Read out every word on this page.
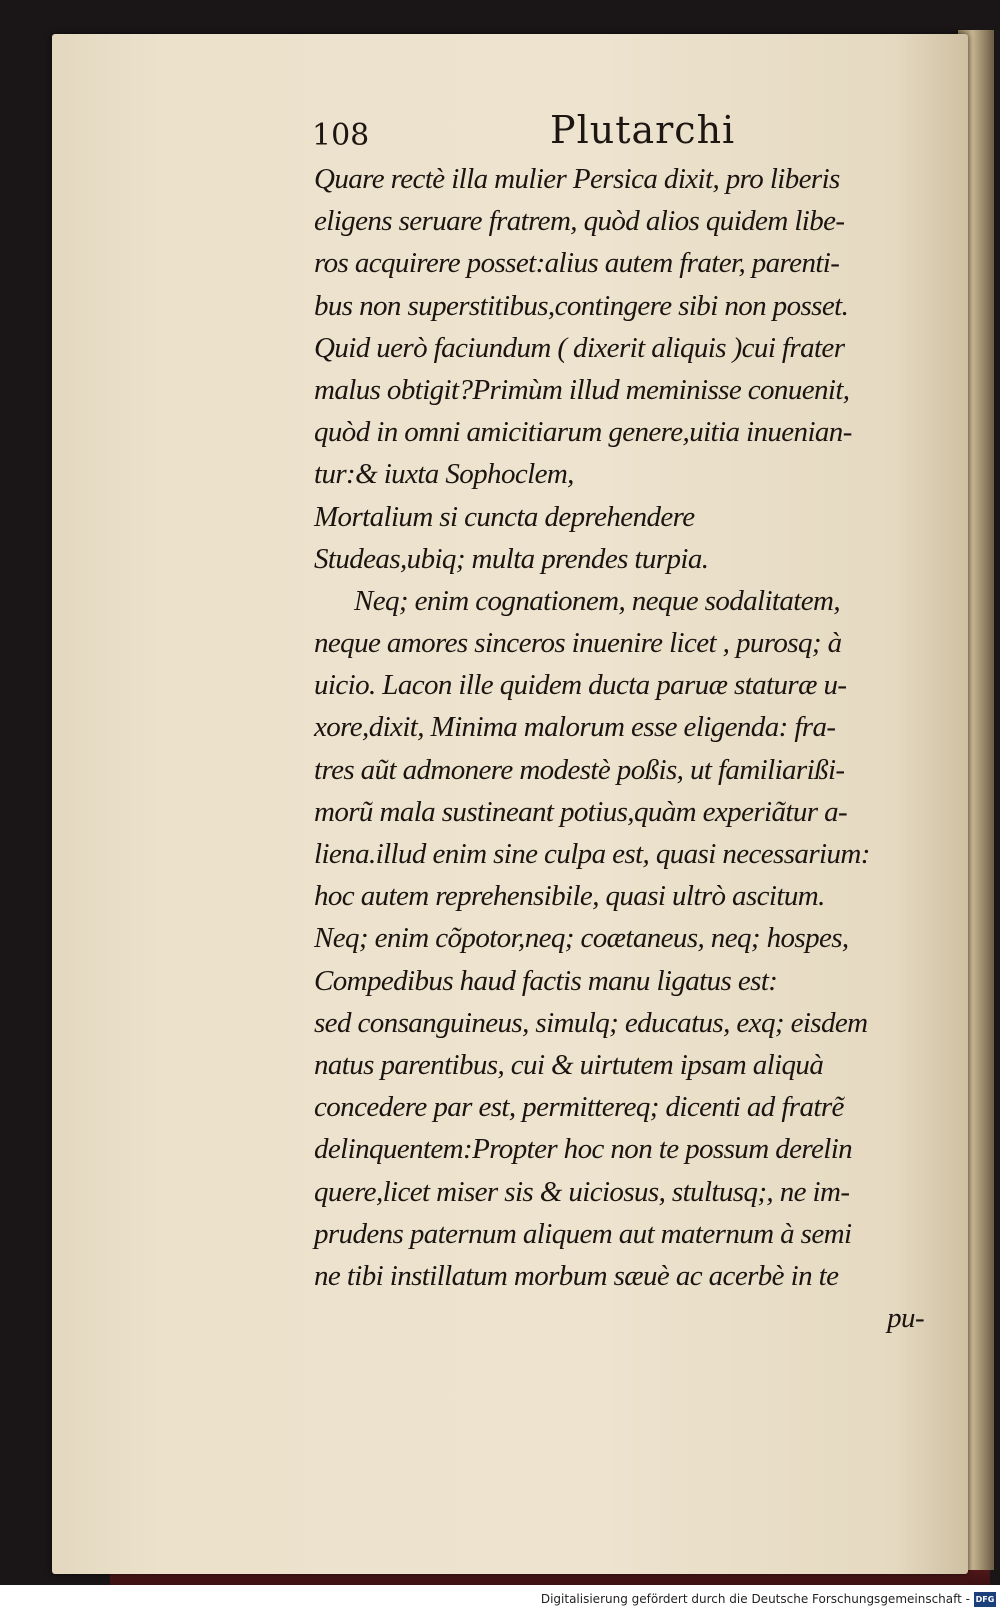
108	Plutarchi
Quare rectè illa mulier Persica dixit, pro liberis
eligens seruare fratrem, quòd alios quidem libe-
ros acquirere posset:alius autem frater, parenti-
bus non superstitibus,contingere sibi non posset.
Quid uerò faciundum ( dixerit aliquis )cui frater
malus obtigit?Primùm illud meminisse conuenit,
quòd in omni amicitiarum genere,uitia inuenian-
tur:& iuxta Sophoclem,
Mortalium si cuncta deprehendere
Studeas,ubiq; multa prendes turpia.
Neq; enim cognationem, neque sodalitatem,
neque amores sinceros inuenire licet , purosq; à
uicio. Lacon ille quidem ducta paruæ staturæ u-
xore,dixit, Minima malorum esse eligenda: fra-
tres aũt admonere modestè poßis, ut familiarißi-
morũ mala sustineant potius,quàm experiãtur a-
liena.illud enim sine culpa est, quasi necessarium:
hoc autem reprehensibile, quasi ultrò ascitum.
Neq; enim cõpotor,neq; coætaneus, neq; hospes,
Compedibus haud factis manu ligatus est:
sed consanguineus, simulq; educatus, exq; eisdem
natus parentibus, cui & uirtutem ipsam aliquà
concedere par est, permittereq; dicenti ad fratrẽ
delinquentem:Propter hoc non te possum derelin
quere,licet miser sis & uiciosus, stultusq;, ne im-
prudens paternum aliquem aut maternum à semi
ne tibi instillatum morbum sæuè ac acerbè in te
pu-
Digitalisierung gefördert durch die Deutsche Forschungsgemeinschaft - DFG
